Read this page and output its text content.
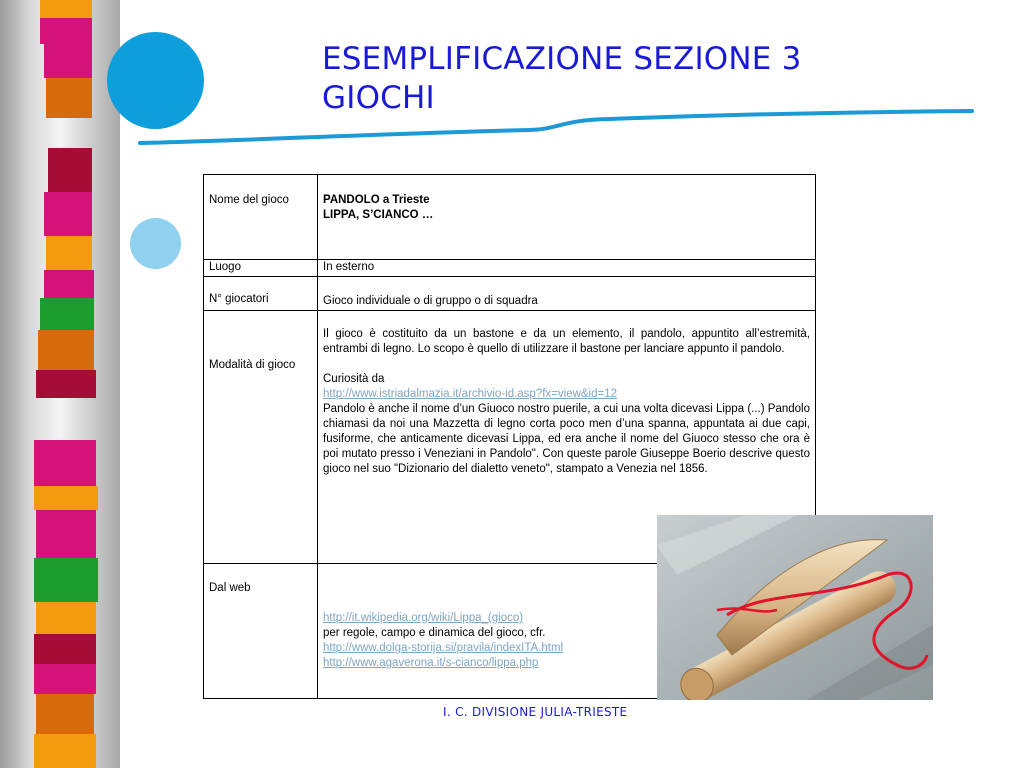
ESEMPLIFICAZIONE SEZIONE 3
GIOCHI
Nome del gioco	PANDOLO a Trieste
LIPPA, S’CIANCO …

Luogo	In esterno
N° giocatori	Gioco individuale o di gruppo o di squadra
Modalità di gioco	Il gioco è costituito da un bastone e da un elemento, il pandolo, appuntito all’estremità, entrambi di legno. Lo scopo è quello di utilizzare il bastone per lanciare appunto il pandolo.
Curiosità da
http://www.istriadalmazia.it/archivio-id.asp?fx=view&id=12
Pandolo è anche il nome d’un Giuoco nostro puerile, a cui una volta dicevasi Lippa (...) Pandolo chiamasi da noi una Mazzetta di legno corta poco men d’una spanna, appuntata ai due capi, fusiforme, che anticamente dicevasi Lippa, ed era anche il nome del Giuoco stesso che ora è poi mutato presso i Veneziani in Pandolo". Con queste parole Giuseppe Boerio descrive questo gioco nel suo "Dizionario del dialetto veneto", stampato a Venezia nel 1856.

Dal web	http://it.wikipedia.org/wiki/Lippa_(gioco)
per regole, campo e dinamica del gioco, cfr.
http://www.dolga-storija.si/pravila/indexITA.html
http://www.agaverona.it/s-cianco/lippa.php
I. C. DIVISIONE JULIA-TRIESTE
